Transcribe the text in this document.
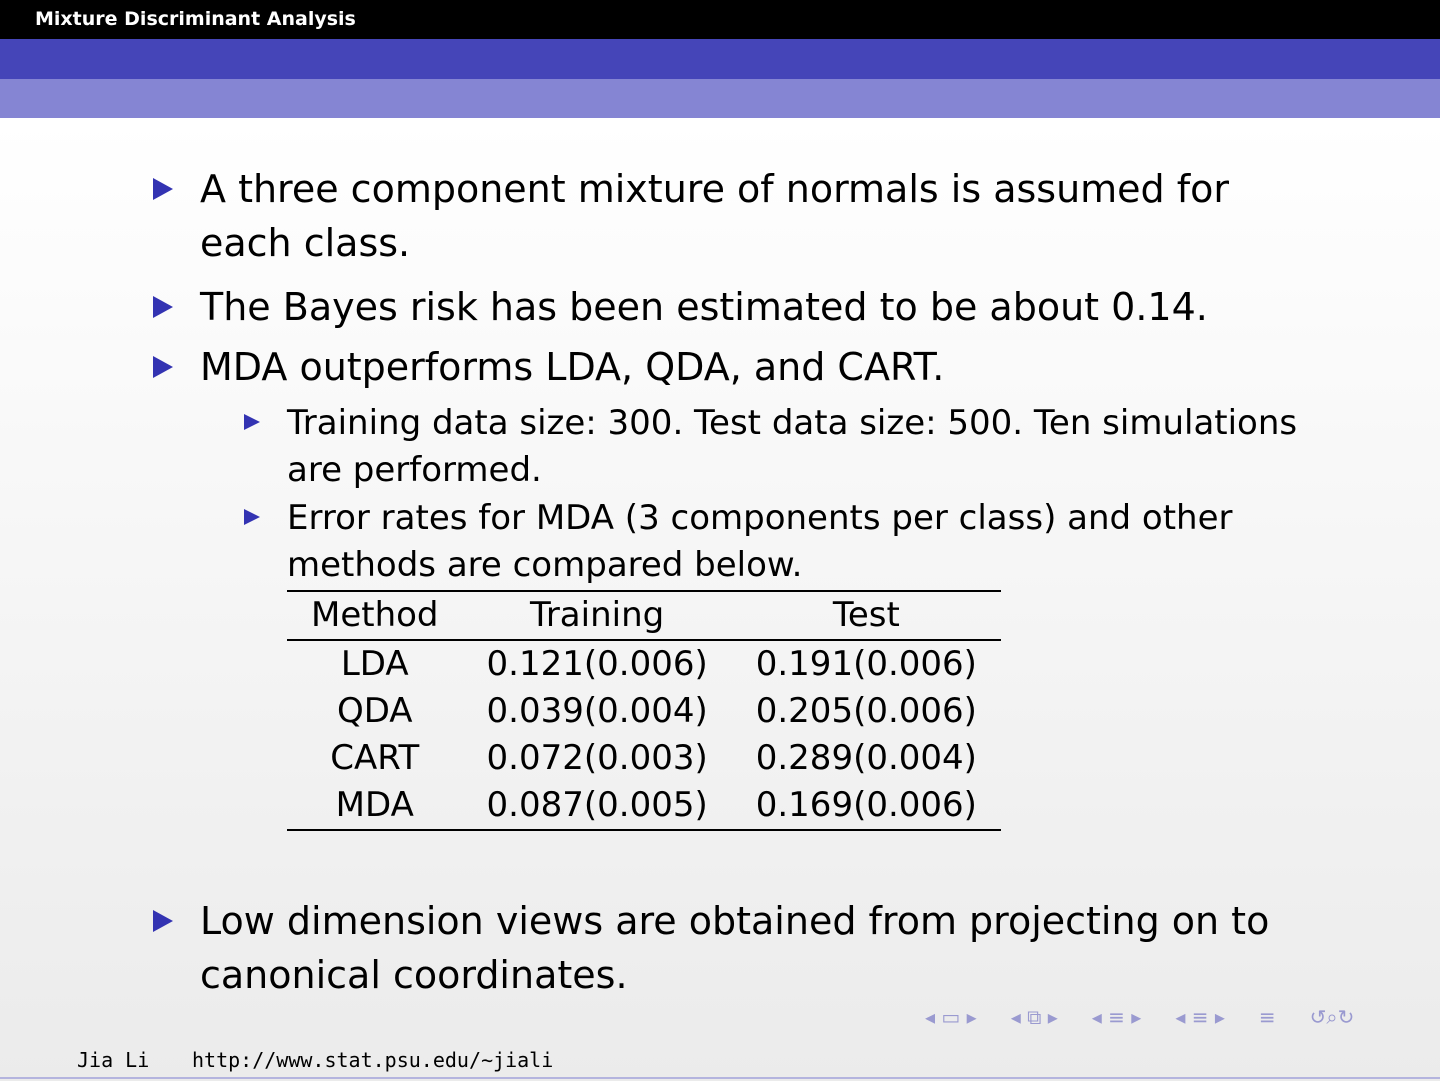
Mixture Discriminant Analysis
A three component mixture of normals is assumed for each class.
The Bayes risk has been estimated to be about 0.14.
MDA outperforms LDA, QDA, and CART.
Training data size: 300. Test data size: 500. Ten simulations are performed.
Error rates for MDA (3 components per class) and other methods are compared below.
Method	Training	Test
LDA	0.121(0.006)	0.191(0.006)
QDA	0.039(0.004)	0.205(0.006)
CART	0.072(0.003)	0.289(0.004)
MDA	0.087(0.005)	0.169(0.006)
Low dimension views are obtained from projecting on to canonical coordinates.
◂ ▭ ▸ ◂ ⧉ ▸ ◂ ≡ ▸ ◂ ≡ ▸ ≡ ↺⌕↻
Jia Li http://www.stat.psu.edu/∼jiali
